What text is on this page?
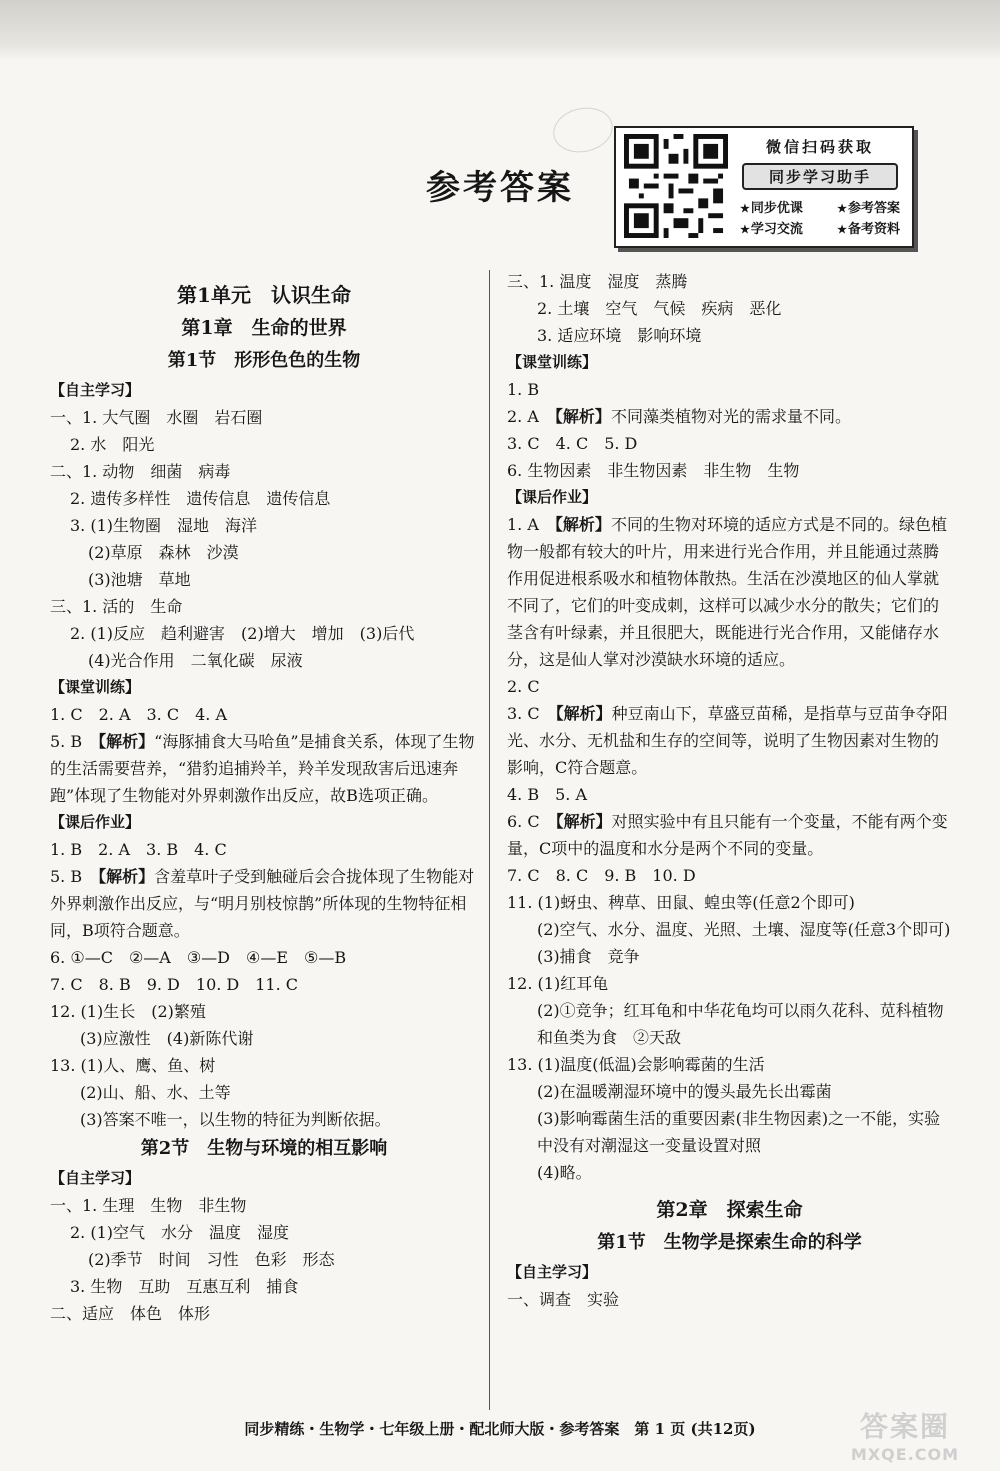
参考答案
微信扫码获取
同步学习助手
★ 同步优课	★ 参考答案
★ 学习交流	★ 备考资料
第1单元　认识生命
第1章　生命的世界
第1节　形形色色的生物
【自主学习】
一、1. 大气圈　水圈　岩石圈
2. 水　阳光
二、1. 动物　细菌　病毒
2. 遗传多样性　遗传信息　遗传信息
3. (1)生物圈　湿地　海洋
(2)草原　森林　沙漠
(3)池塘　草地
三、1. 活的　生命
2. (1)反应　趋利避害　(2)增大　增加　(3)后代
(4)光合作用　二氧化碳　尿液
【课堂训练】
1. C　2. A　3. C　4. A
5. B　【解析】“海豚捕食大马哈鱼”是捕食关系，体现了生物的生活需要营养，“猎豹追捕羚羊，羚羊发现敌害后迅速奔跑”体现了生物能对外界刺激作出反应，故B选项正确。
【课后作业】
1. B　2. A　3. B　4. C
5. B　【解析】含羞草叶子受到触碰后会合拢体现了生物能对外界刺激作出反应，与“明月别枝惊鹊”所体现的生物特征相同，B项符合题意。
6. ①—C　②—A　③—D　④—E　⑤—B
7. C　8. B　9. D　10. D　11. C
12. (1)生长　(2)繁殖
(3)应激性　(4)新陈代谢
13. (1)人、鹰、鱼、树
(2)山、船、水、土等
(3)答案不唯一，以生物的特征为判断依据。
第2节　生物与环境的相互影响
【自主学习】
一、1. 生理　生物　非生物
2. (1)空气　水分　温度　湿度
(2)季节　时间　习性　色彩　形态
3. 生物　互助　互惠互利　捕食
二、适应　体色　体形
三、1. 温度　湿度　蒸腾
2. 土壤　空气　气候　疾病　恶化
3. 适应环境　影响环境
【课堂训练】
1. B
2. A　【解析】不同藻类植物对光的需求量不同。
3. C　4. C　5. D
6. 生物因素　非生物因素　非生物　生物
【课后作业】
1. A　【解析】不同的生物对环境的适应方式是不同的。绿色植物一般都有较大的叶片，用来进行光合作用，并且能通过蒸腾作用促进根系吸水和植物体散热。生活在沙漠地区的仙人掌就不同了，它们的叶变成刺，这样可以减少水分的散失；它们的茎含有叶绿素，并且很肥大，既能进行光合作用，又能储存水分，这是仙人掌对沙漠缺水环境的适应。
2. C
3. C　【解析】种豆南山下，草盛豆苗稀，是指草与豆苗争夺阳光、水分、无机盐和生存的空间等，说明了生物因素对生物的影响，C符合题意。
4. B　5. A
6. C　【解析】对照实验中有且只能有一个变量，不能有两个变量，C项中的温度和水分是两个不同的变量。
7. C　8. C　9. B　10. D
11. (1)蚜虫、稗草、田鼠、蝗虫等(任意2个即可)
(2)空气、水分、温度、光照、土壤、湿度等(任意3个即可)
(3)捕食　竞争
12. (1)红耳龟
(2)①竞争；红耳龟和中华花龟均可以雨久花科、苋科植物和鱼类为食　②天敌
13. (1)温度(低温)会影响霉菌的生活
(2)在温暖潮湿环境中的馒头最先长出霉菌
(3)影响霉菌生活的重要因素(非生物因素)之一不能，实验中没有对潮湿这一变量设置对照
(4)略。
第2章　探索生命
第1节　生物学是探索生命的科学
【自主学习】
一、调查　实验
同步精练・生物学・七年级上册・配北师大版・参考答案　第 1 页 (共12页)	答案圈
MXQE.COM
